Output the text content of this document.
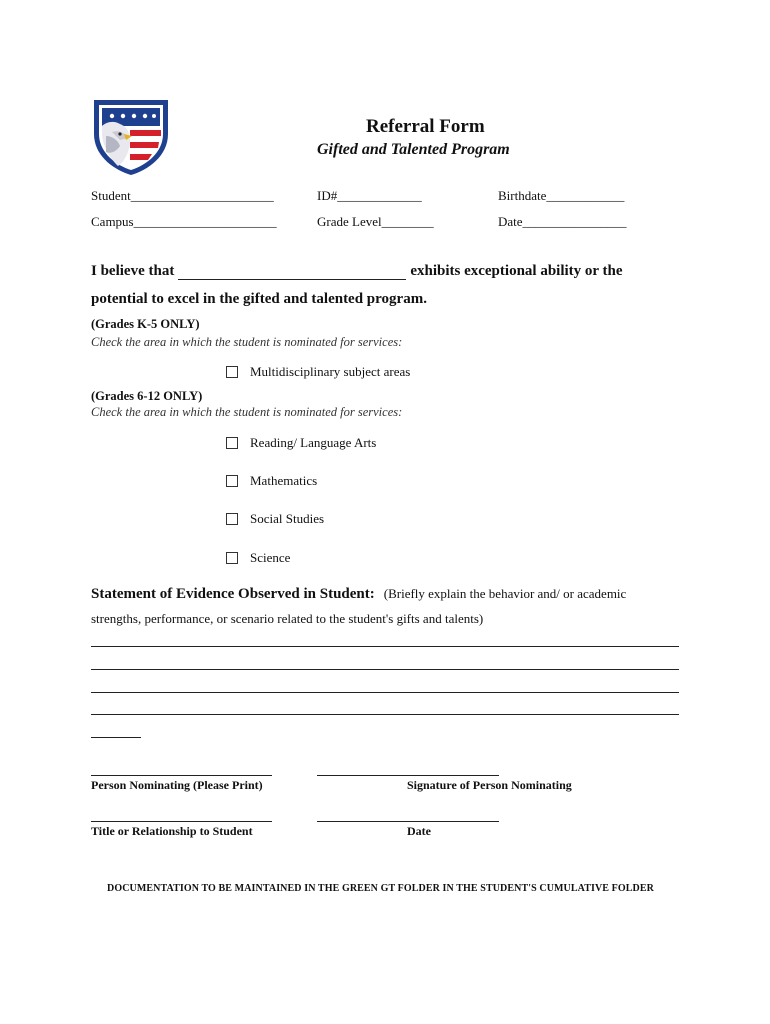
Referral Form
Gifted and Talented Program
Student______________________	ID#_____________	Birthdate____________
Campus______________________	Grade Level________	Date________________
I believe that	exhibits exceptional ability or the
potential to excel in the gifted and talented program.
(Grades K-5 ONLY)
Check the area in which the student is nominated for services:
Multidisciplinary subject areas
(Grades 6-12 ONLY)
Check the area in which the student is nominated for services:
Reading/ Language Arts
Mathematics
Social Studies
Science
Statement of Evidence Observed in Student: (Briefly explain the behavior and/ or academic
strengths, performance, or scenario related to the student's gifts and talents)
Person Nominating (Please Print)	Signature of Person Nominating
Title or Relationship to Student	Date
DOCUMENTATION TO BE MAINTAINED IN THE GREEN GT FOLDER IN THE STUDENT'S CUMULATIVE FOLDER
